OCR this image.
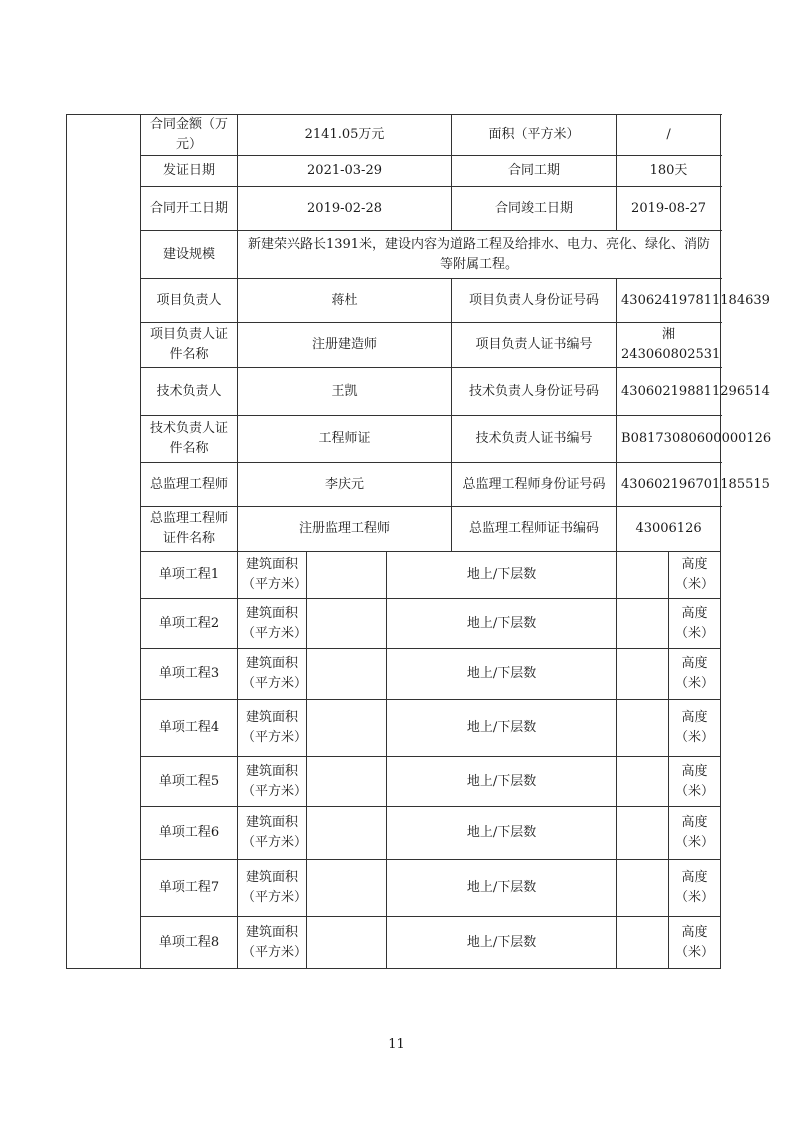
	合同金额（万元）	2141.05万元			面积（平方米）	/		
	发证日期	2021-03-29			合同工期	180天		
	合同开工日期	2019-02-28			合同竣工日期	2019-08-27		
	建设规模	新建荣兴路长1391米，建设内容为道路工程及给排水、电力、亮化、绿化、消防等附属工程。						
	项目负责人	蒋杜			项目负责人身份证号码	430624197811184639		
	项目负责人证件名称	注册建造师			项目负责人证书编号	湘243060802531		
	技术负责人	王凯			技术负责人身份证号码	430602198811296514		
	技术负责人证件名称	工程师证			技术负责人证书编号	B08173080600000126		
	总监理工程师	李庆元			总监理工程师身份证号码	430602196701185515		
	总监理工程师证件名称	注册监理工程师			总监理工程师证书编码	43006126		
	单项工程1	建筑面积（平方米）		地上/下层数			高度（米）	
	单项工程2	建筑面积（平方米）		地上/下层数			高度（米）	
	单项工程3	建筑面积（平方米）		地上/下层数			高度（米）	
	单项工程4	建筑面积（平方米）		地上/下层数			高度（米）	
	单项工程5	建筑面积（平方米）		地上/下层数			高度（米）	
	单项工程6	建筑面积（平方米）		地上/下层数			高度（米）	
	单项工程7	建筑面积（平方米）		地上/下层数			高度（米）	
	单项工程8	建筑面积（平方米）		地上/下层数			高度（米）	
11
